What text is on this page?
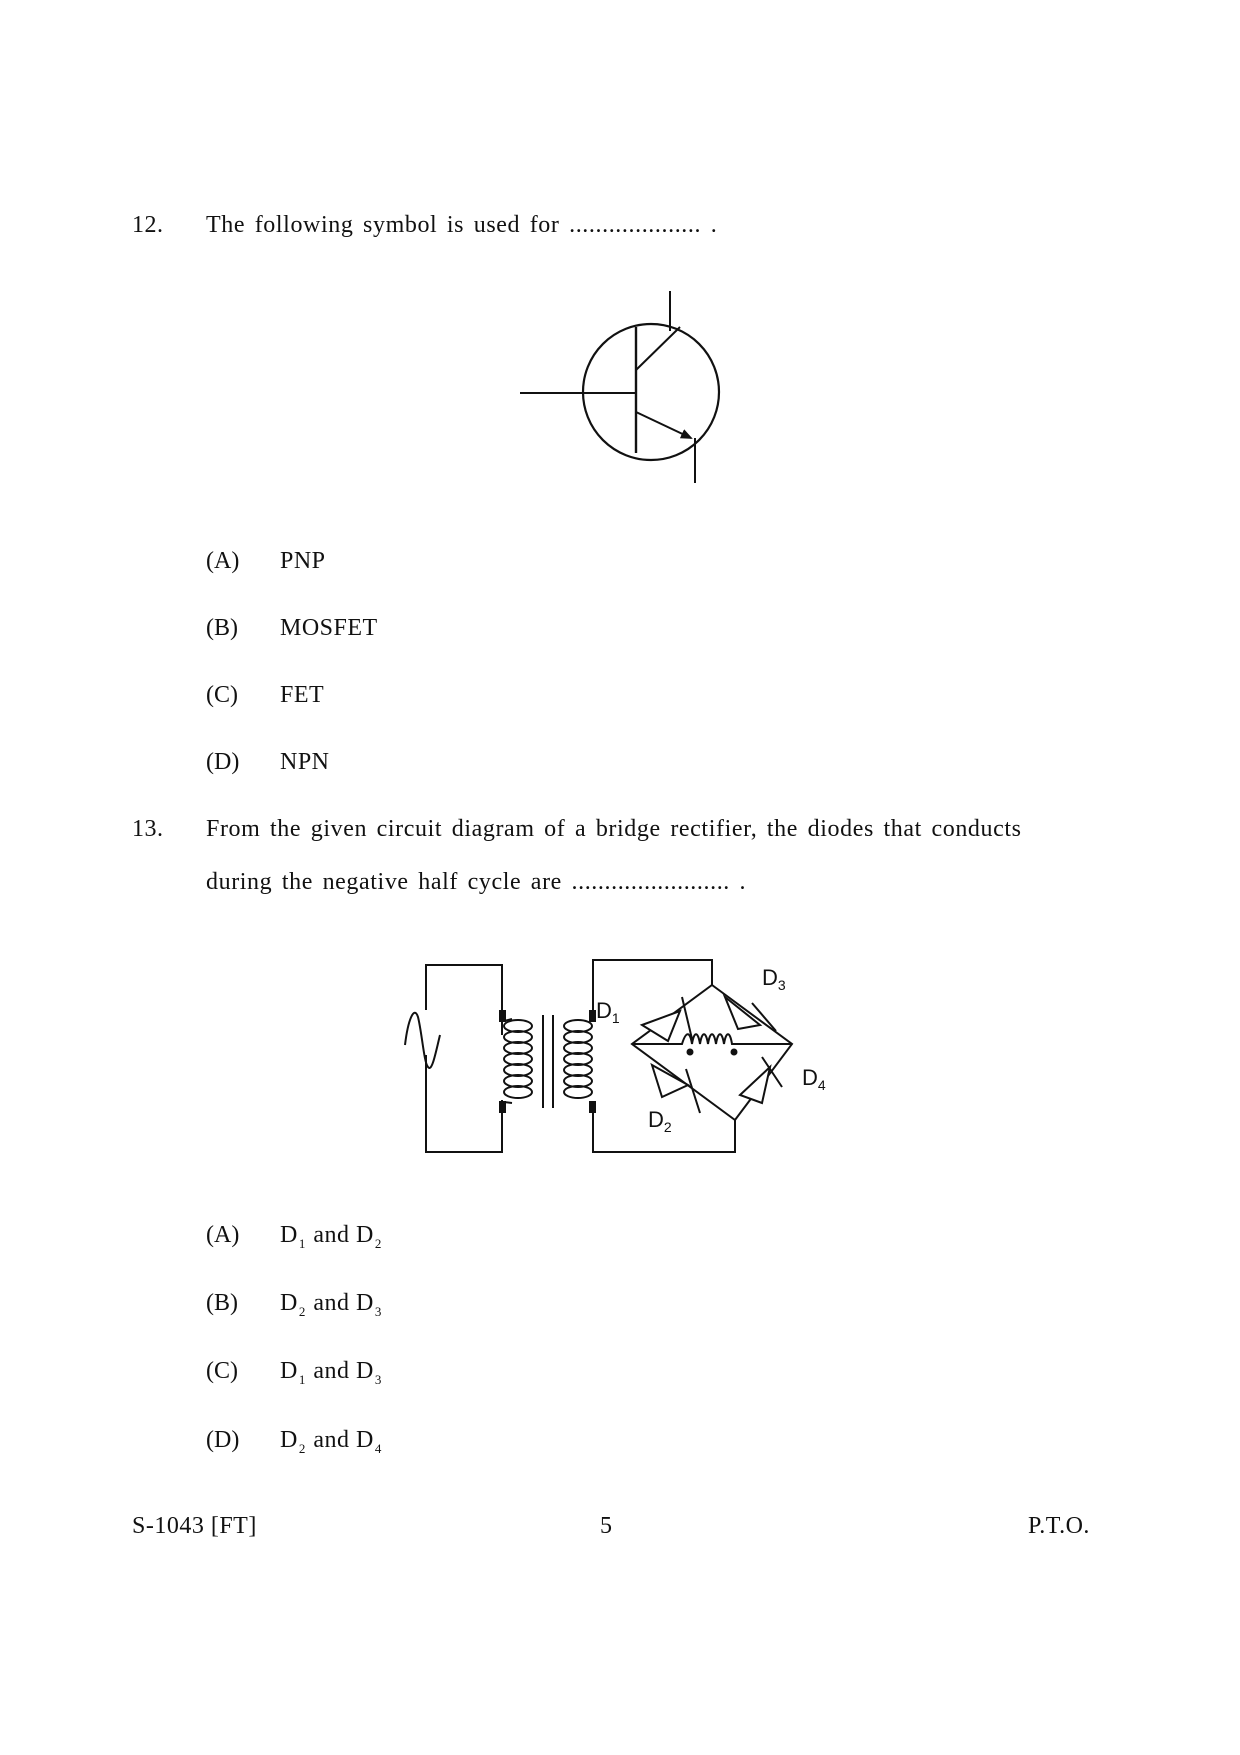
12. The following symbol is used for .................... .
(A) PNP
(B) MOSFET
(C) FET
(D) NPN
13. From the given circuit diagram of a bridge rectifier, the diodes that conducts
during the negative half cycle are ........................ .
$D_1$
$D_3$
$D_2$
$D_4$
(A) $D_1$ and $D_2$
(B) $D_2$ and $D_3$
(C) $D_1$ and $D_3$
(D) $D_2$ and $D_4$
S-1043 [FT]	5	P.T.O.
